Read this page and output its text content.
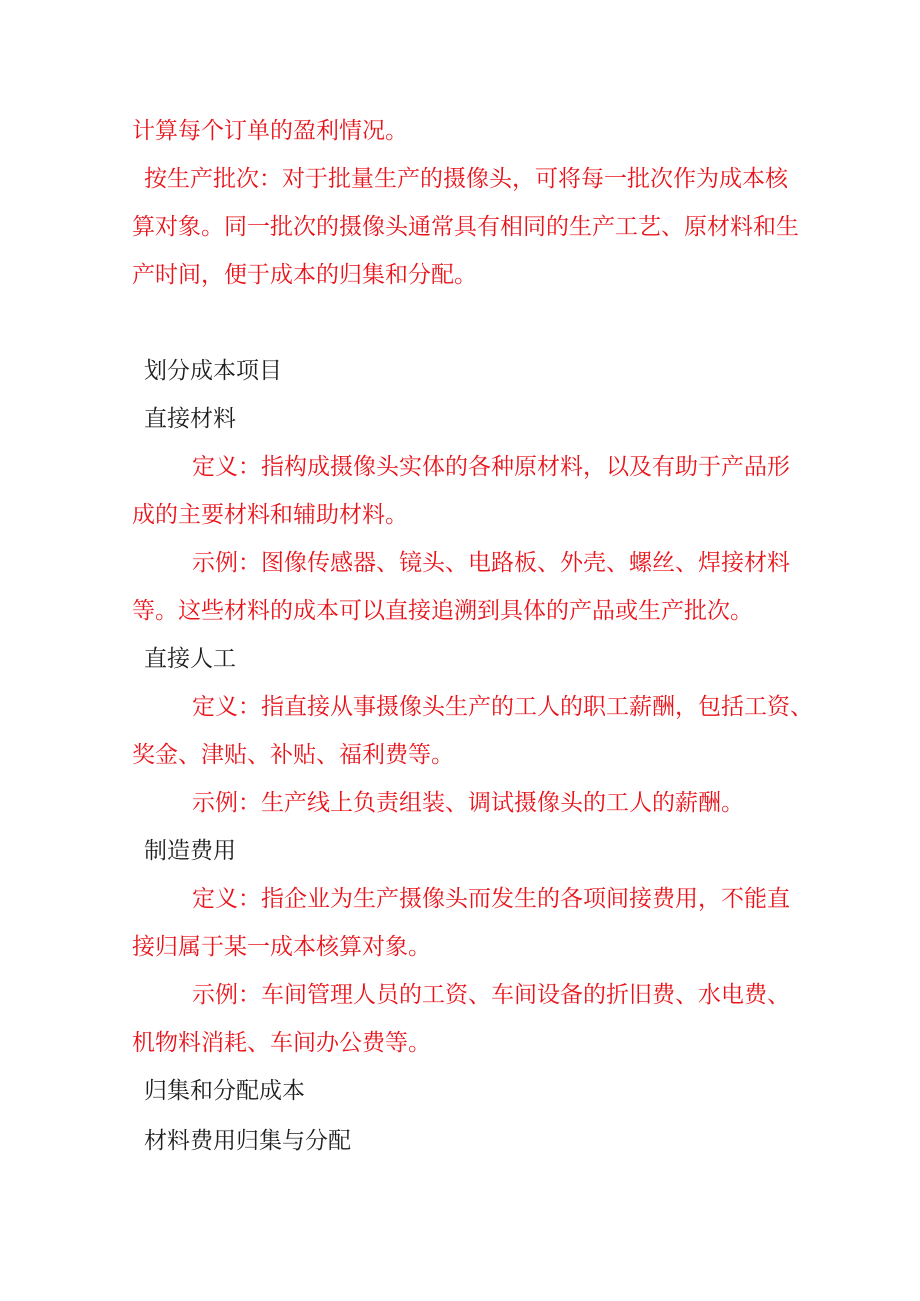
计算每个订单的盈利情况。

按生产批次：对于批量生产的摄像头，可将每一批次作为成本核

算对象。同一批次的摄像头通常具有相同的生产工艺、原材料和生

产时间，便于成本的归集和分配。

划分成本项目

直接材料

定义：指构成摄像头实体的各种原材料，以及有助于产品形

成的主要材料和辅助材料。

示例：图像传感器、镜头、电路板、外壳、螺丝、焊接材料

等。这些材料的成本可以直接追溯到具体的产品或生产批次。

直接人工

定义：指直接从事摄像头生产的工人的职工薪酬，包括工资、

奖金、津贴、补贴、福利费等。

示例：生产线上负责组装、调试摄像头的工人的薪酬。

制造费用

定义：指企业为生产摄像头而发生的各项间接费用，不能直

接归属于某一成本核算对象。

示例：车间管理人员的工资、车间设备的折旧费、水电费、

机物料消耗、车间办公费等。

归集和分配成本

材料费用归集与分配
